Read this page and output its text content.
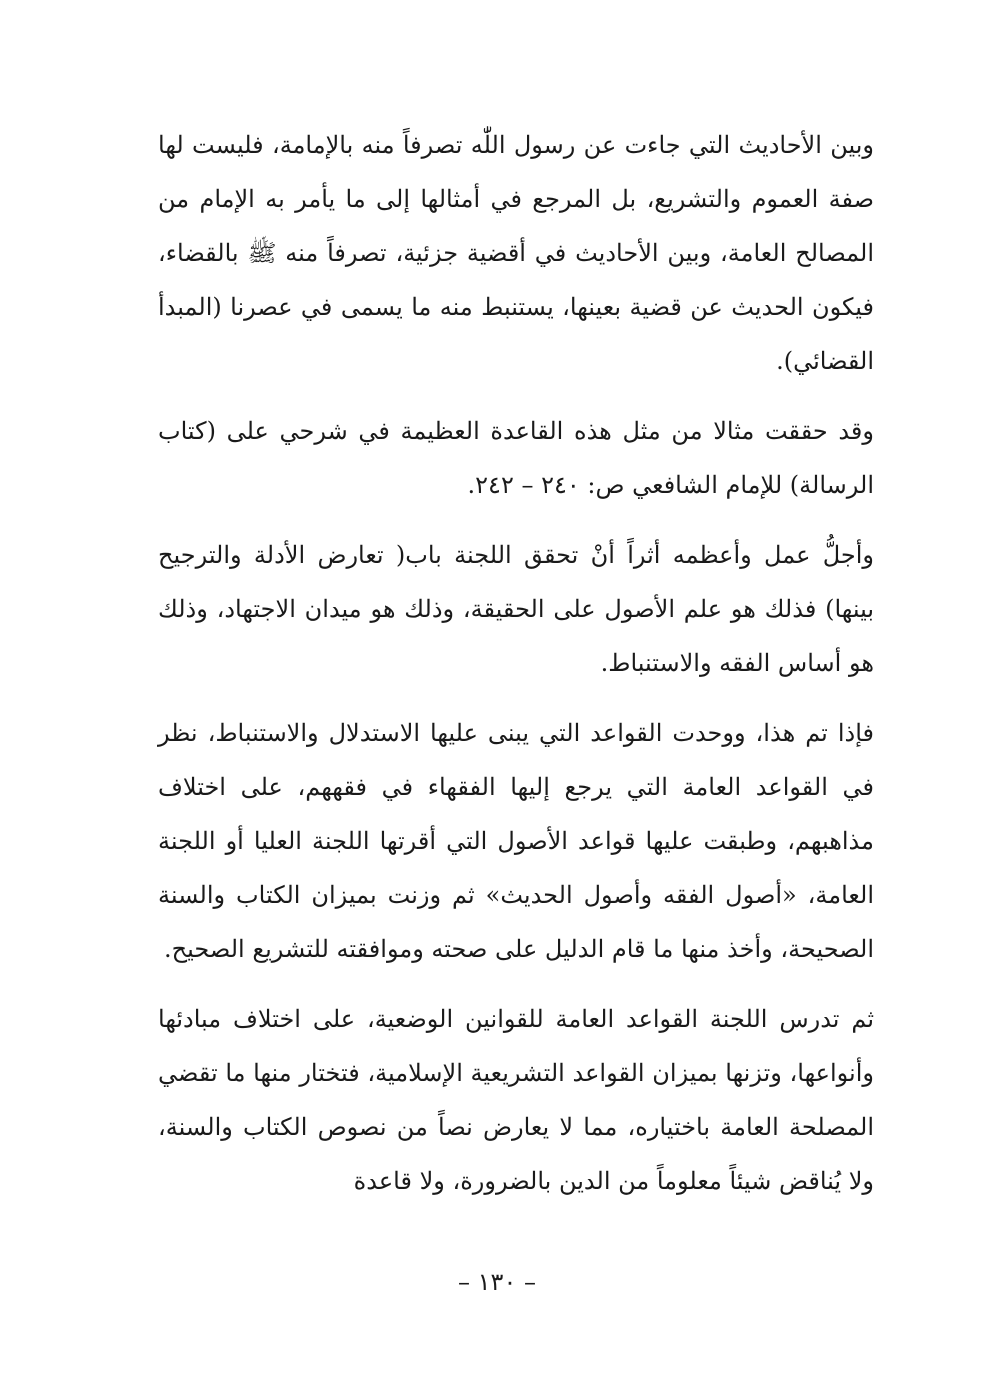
وبين الأحاديث التي جاءت عن رسول اللّٰه تصرفاً منه بالإمامة، فليست لها صفة العموم والتشريع، بل المرجع في أمثالها إلى ما يأمر به الإمام من المصالح العامة، وبين الأحاديث في أقضية جزئية، تصرفاً منه ﷺ بالقضاء، فيكون الحديث عن قضية بعينها، يستنبط منه ما يسمى في عصرنا (المبدأ القضائي).

وقد حققت مثالا من مثل هذه القاعدة العظيمة في شرحي على (كتاب الرسالة) للإمام الشافعي ص: ٢٤٠ – ٢٤٢.

وأجلُّ عمل وأعظمه أثراً أنْ تحقق اللجنة باب( تعارض الأدلة والترجيح بينها) فذلك هو علم الأصول على الحقيقة، وذلك هو ميدان الاجتهاد، وذلك هو أساس الفقه والاستنباط.

فإذا تم هذا، ووحدت القواعد التي يبنى عليها الاستدلال والاستنباط، نظر في القواعد العامة التي يرجع إليها الفقهاء في فقههم، على اختلاف مذاهبهم، وطبقت عليها قواعد الأصول التي أقرتها اللجنة العليا أو اللجنة العامة، «أصول الفقه وأصول الحديث» ثم وزنت بميزان الكتاب والسنة الصحيحة، وأخذ منها ما قام الدليل على صحته وموافقته للتشريع الصحيح.

ثم تدرس اللجنة القواعد العامة للقوانين الوضعية، على اختلاف مبادئها وأنواعها، وتزنها بميزان القواعد التشريعية الإسلامية، فتختار منها ما تقضي المصلحة العامة باختياره، مما لا يعارض نصاً من نصوص الكتاب والسنة، ولا يُناقض شيئاً معلوماً من الدين بالضرورة، ولا قاعدة

– ١٣٠ –
